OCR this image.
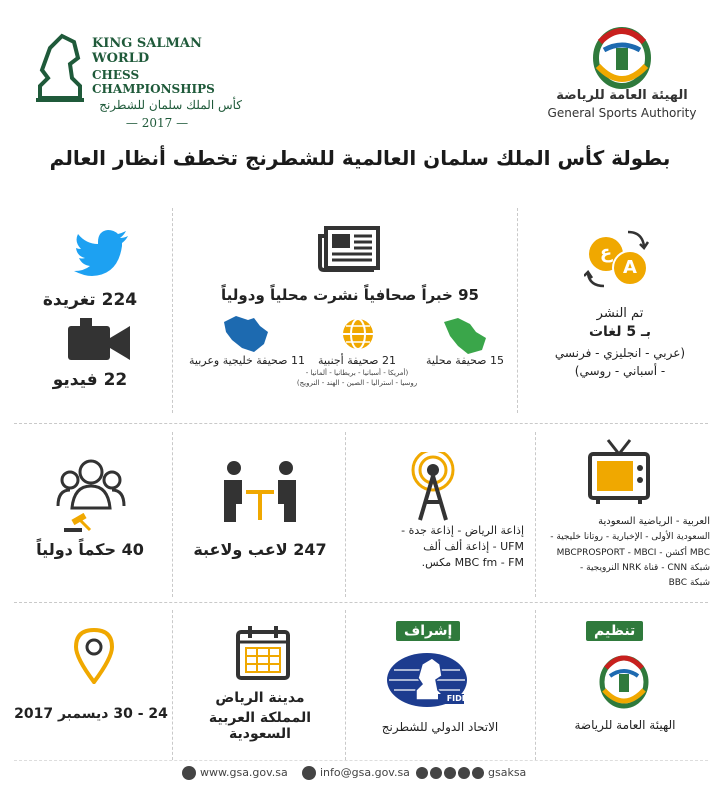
KING SALMAN WORLD
CHESS CHAMPIONSHIPS
كأس الملك سلمان للشطرنج
— 2017 —
الهيئة العامة للرياضة
General Sports Authority
بطولة كأس الملك سلمان العالمية للشطرنج تخطف أنظار العالم
224 تغريدة
22 فيديو
95 خبراً صحافياً نشرت محلياً ودولياً
15 صحيفة محلية
21 صحيفة أجنبية
(أمريكا - أسبانيا - بريطانيا - ألمانيا -
روسيا - استراليا - الصين - الهند - النرويج)
11 صحيفة خليجية وعربية
ع
A
تم النشر
بـ 5 لغات
(عربي - انجليزي - فرنسي
- أسباني - روسي)
40 حكماً دولياً	247 لاعب ولاعبة
إذاعة الرياض - إذاعة جدة -
UFM - إذاعة ألف ألف
MBC fm - FM مكس.
العربية - الرياضية السعودية
السعودية الأولى - الإخبارية - روتانا خليجية -
MBC أكشن - MBCPROSPORT - MBCI
شبكة CNN - قناة NRK النرويجية -
شبكة BBC
24 - 30 ديسمبر 2017
مدينة الرياض
المملكة العربية السعودية
إشراف
FIDE
الاتحاد الدولي للشطرنج
تنظيم
الهيئة العامة للرياضة
www.gsa.gov.sa	info@gsa.gov.sa	gsaksa
